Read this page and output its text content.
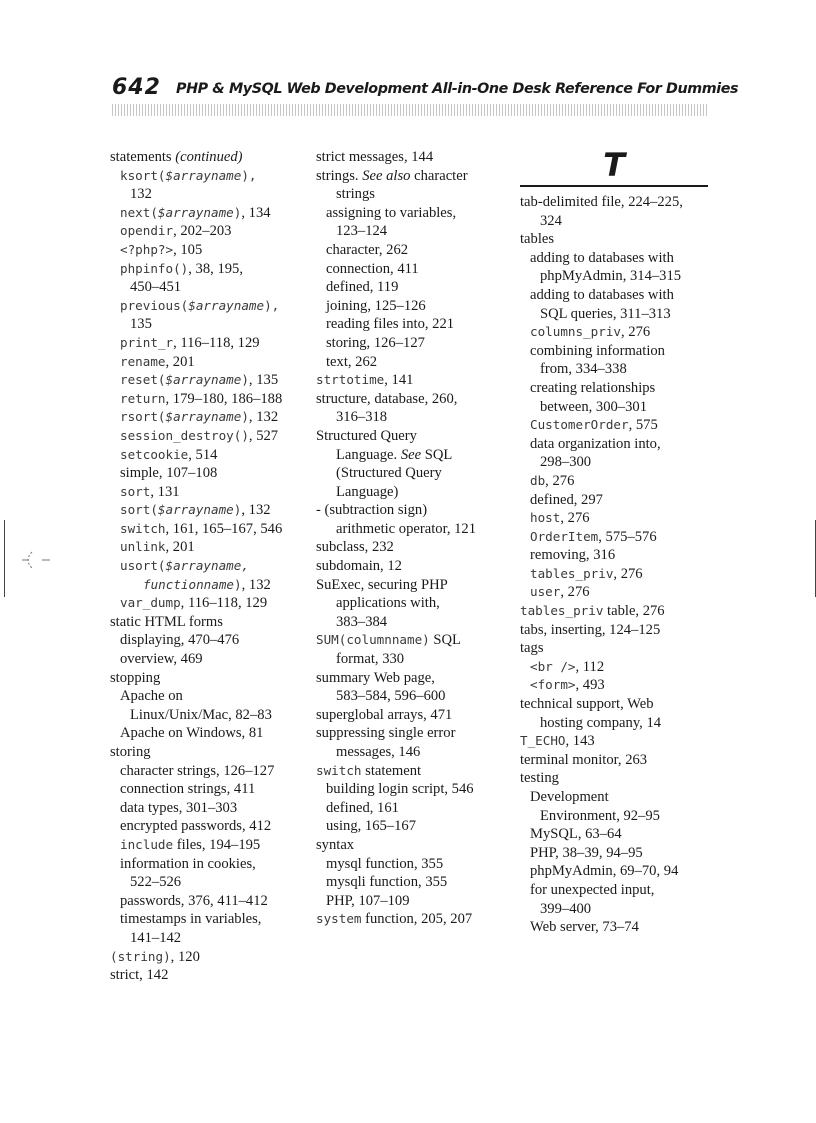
642 PHP & MySQL Web Development All-in-One Desk Reference For Dummies
statements (continued)
ksort($arrayname),
132
next($arrayname), 134
opendir, 202–203
<?php?>, 105
phpinfo(), 38, 195,
450–451
previous($arrayname),
135
print_r, 116–118, 129
rename, 201
reset($arrayname), 135
return, 179–180, 186–188
rsort($arrayname), 132
session_destroy(), 527
setcookie, 514
simple, 107–108
sort, 131
sort($arrayname), 132
switch, 161, 165–167, 546
unlink, 201
usort($arrayname,
functionname), 132
var_dump, 116–118, 129
static HTML forms
displaying, 470–476
overview, 469
stopping
Apache on
Linux/Unix/Mac, 82–83
Apache on Windows, 81
storing
character strings, 126–127
connection strings, 411
data types, 301–303
encrypted passwords, 412
include files, 194–195
information in cookies,
522–526
passwords, 376, 411–412
timestamps in variables,
141–142
(string), 120
strict, 142
strict messages, 144
strings. See also character
strings
assigning to variables,
123–124
character, 262
connection, 411
defined, 119
joining, 125–126
reading files into, 221
storing, 126–127
text, 262
strtotime, 141
structure, database, 260,
316–318
Structured Query
Language. See SQL
(Structured Query
Language)
- (subtraction sign)
arithmetic operator, 121
subclass, 232
subdomain, 12
SuExec, securing PHP
applications with,
383–384
SUM(columnname) SQL
format, 330
summary Web page,
583–584, 596–600
superglobal arrays, 471
suppressing single error
messages, 146
switch statement
building login script, 546
defined, 161
using, 165–167
syntax
mysql function, 355
mysqli function, 355
PHP, 107–109
system function, 205, 207
T
tab-delimited file, 224–225,
324
tables
adding to databases with
phpMyAdmin, 314–315
adding to databases with
SQL queries, 311–313
columns_priv, 276
combining information
from, 334–338
creating relationships
between, 300–301
CustomerOrder, 575
data organization into,
298–300
db, 276
defined, 297
host, 276
OrderItem, 575–576
removing, 316
tables_priv, 276
user, 276
tables_priv table, 276
tabs, inserting, 124–125
tags
<br />, 112
<form>, 493
technical support, Web
hosting company, 14
T_ECHO, 143
terminal monitor, 263
testing
Development
Environment, 92–95
MySQL, 63–64
PHP, 38–39, 94–95
phpMyAdmin, 69–70, 94
for unexpected input,
399–400
Web server, 73–74
